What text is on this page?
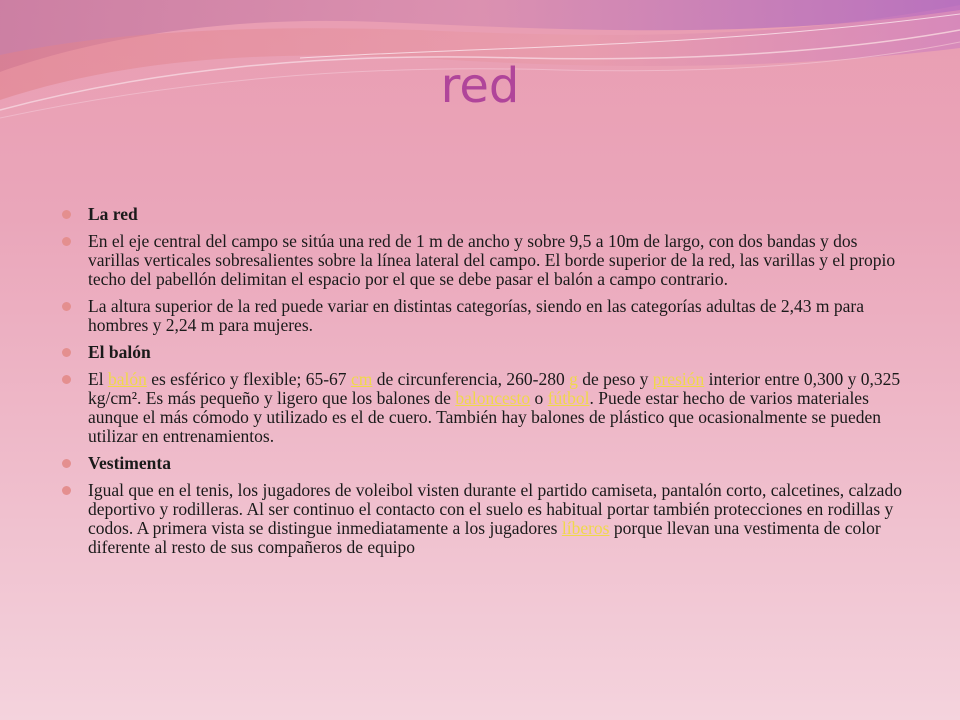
red
La red
En el eje central del campo se sitúa una red de 1 m de ancho y sobre 9,5 a 10m de largo, con dos bandas y dos varillas verticales sobresalientes sobre la línea lateral del campo. El borde superior de la red, las varillas y el propio techo del pabellón delimitan el espacio por el que se debe pasar el balón a campo contrario.
La altura superior de la red puede variar en distintas categorías, siendo en las categorías adultas de 2,43 m para hombres y 2,24 m para mujeres.
El balón
El balón es esférico y flexible; 65-67 cm de circunferencia, 260-280 g de peso y presión interior entre 0,300 y 0,325 kg/cm². Es más pequeño y ligero que los balones de baloncesto o fútbol. Puede estar hecho de varios materiales aunque el más cómodo y utilizado es el de cuero. También hay balones de plástico que ocasionalmente se pueden utilizar en entrenamientos.
Vestimenta
Igual que en el tenis, los jugadores de voleibol visten durante el partido camiseta, pantalón corto, calcetines, calzado deportivo y rodilleras. Al ser continuo el contacto con el suelo es habitual portar también protecciones en rodillas y codos. A primera vista se distingue inmediatamente a los jugadores líberos porque llevan una vestimenta de color diferente al resto de sus compañeros de equipo
